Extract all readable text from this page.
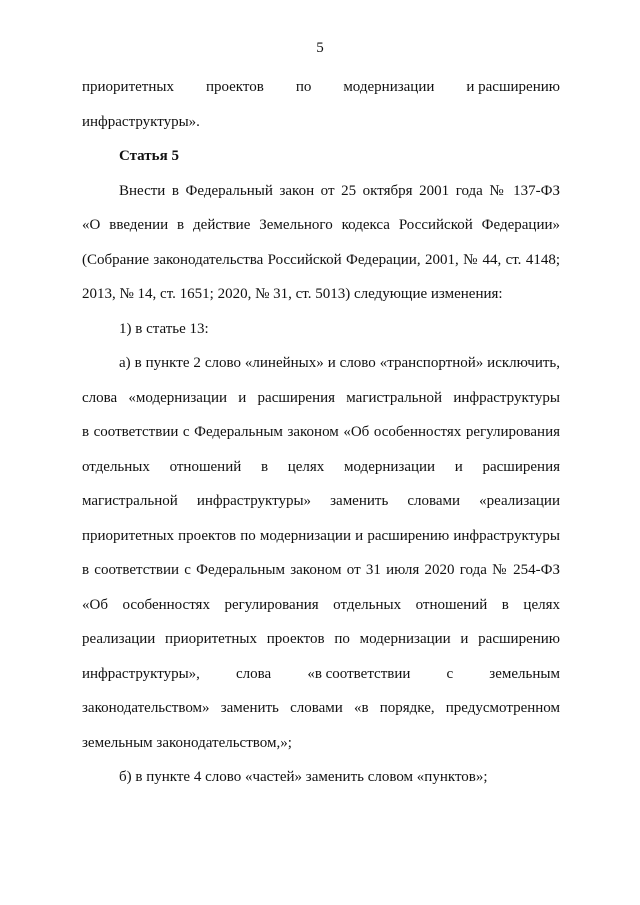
5
приоритетных проектов по модернизации и расширению

инфраструктуры».

Статья 5

Внести в Федеральный закон от 25 октября 2001 года № 137-ФЗ

«О введении в действие Земельного кодекса Российской Федерации»

(Собрание законодательства Российской Федерации, 2001, № 44, ст. 4148;

2013, № 14, ст. 1651; 2020, № 31, ст. 5013) следующие изменения:

1) в статье 13:

а) в пункте 2 слово «линейных» и слово «транспортной» исключить,

слова «модернизации и расширения магистральной инфраструктуры

в соответствии с Федеральным законом «Об особенностях регулирования

отдельных отношений в целях модернизации и расширения
магистральной инфраструктуры» заменить словами «реализации

приоритетных проектов по модернизации и расширению инфраструктуры

в соответствии с Федеральным законом от 31 июля 2020 года № 254-ФЗ

«Об особенностях регулирования отдельных отношений в целях

реализации приоритетных проектов по модернизации и расширению

инфраструктуры», слова «в соответствии с земельным

законодательством» заменить словами «в порядке, предусмотренном

земельным законодательством,»;

б) в пункте 4 слово «частей» заменить словом «пунктов»;
